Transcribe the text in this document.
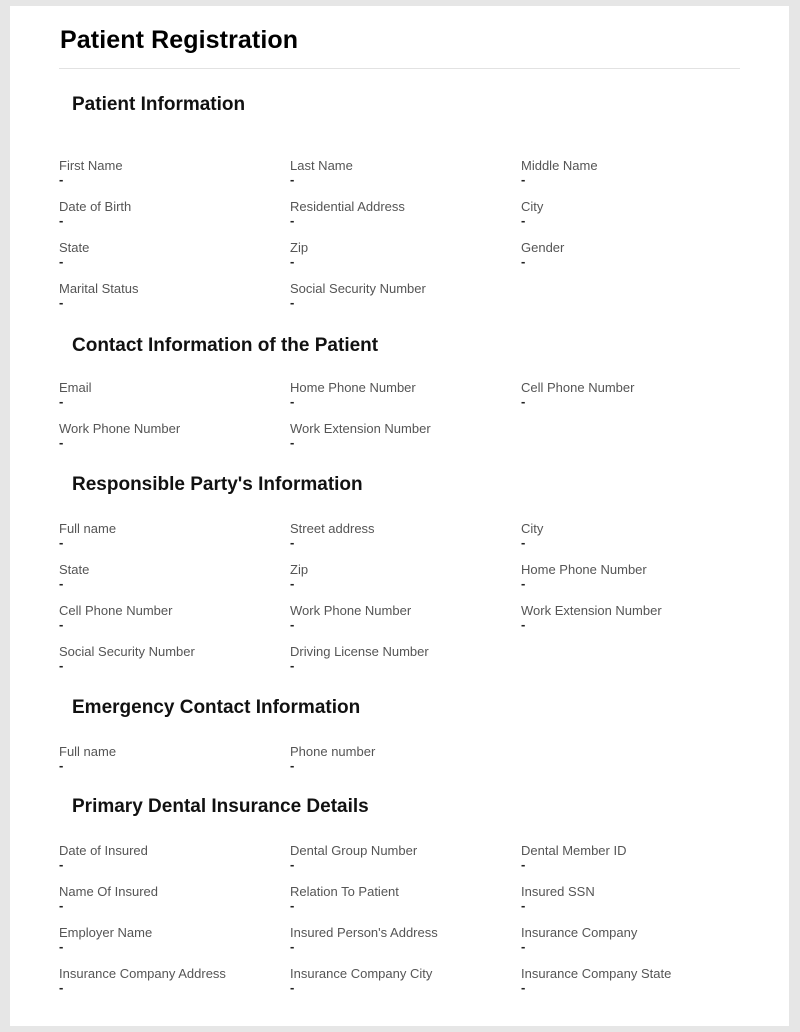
Patient Registration
Patient Information
First Name
-
Last Name
-
Middle Name
-
Date of Birth
-
Residential Address
-
City
-
State
-
Zip
-
Gender
-
Marital Status
-
Social Security Number
-
Contact Information of the Patient
Email
-
Home Phone Number
-
Cell Phone Number
-
Work Phone Number
-
Work Extension Number
-
Responsible Party's Information
Full name
-
Street address
-
City
-
State
-
Zip
-
Home Phone Number
-
Cell Phone Number
-
Work Phone Number
-
Work Extension Number
-
Social Security Number
-
Driving License Number
-
Emergency Contact Information
Full name
-
Phone number
-
Primary Dental Insurance Details
Date of Insured
-
Dental Group Number
-
Dental Member ID
-
Name Of Insured
-
Relation To Patient
-
Insured SSN
-
Employer Name
-
Insured Person's Address
-
Insurance Company
-
Insurance Company Address
-
Insurance Company City
-
Insurance Company State
-
